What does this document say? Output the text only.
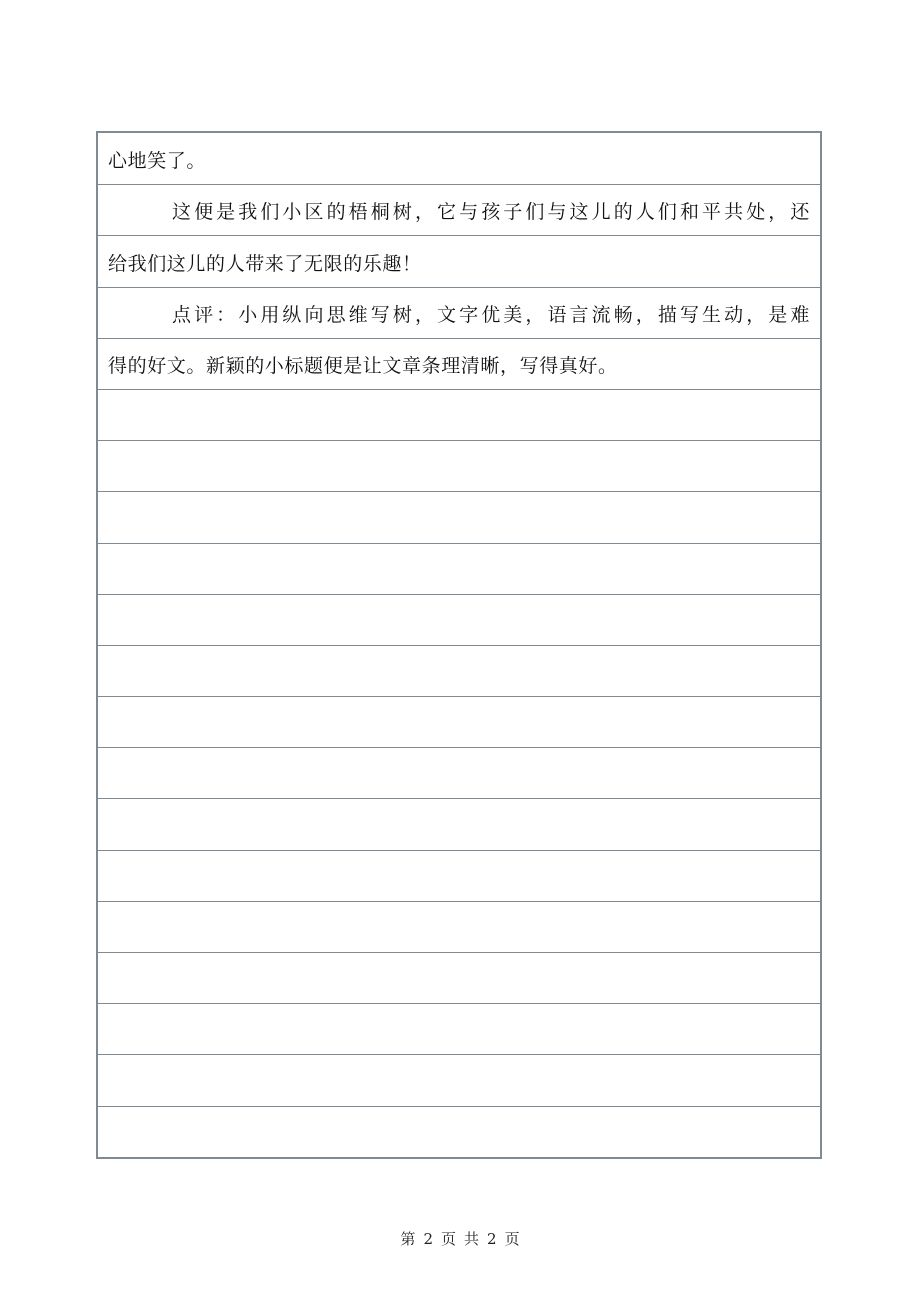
心地笑了。
这便是我们小区的梧桐树，它与孩子们与这儿的人们和平共处，还
给我们这儿的人带来了无限的乐趣！
点评：小用纵向思维写树，文字优美，语言流畅，描写生动，是难
得的好文。新颖的小标题便是让文章条理清晰，写得真好。
第 2 页 共 2 页
